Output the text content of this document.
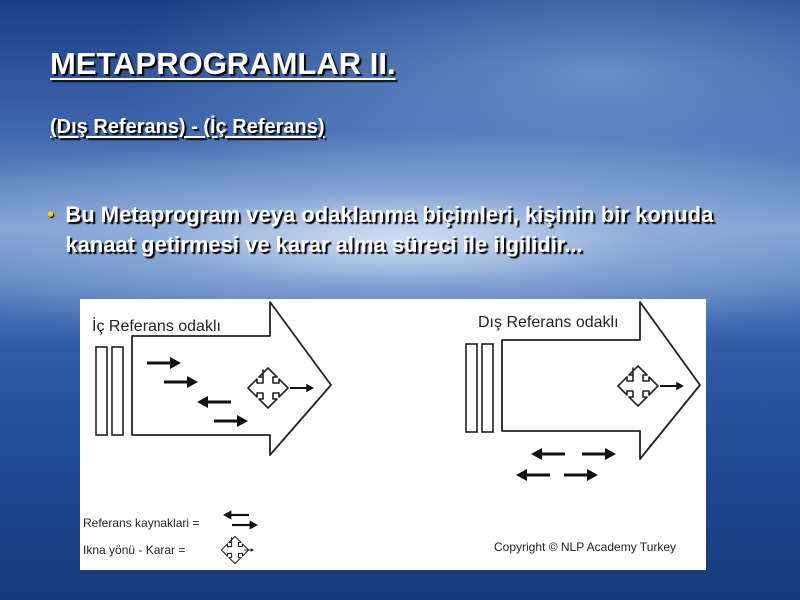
METAPROGRAMLAR II.
(Dış Referans) - (İç Referans)
• Bu Metaprogram veya odaklanma biçimleri, kişinin bir konuda kanaat getirmesi ve karar alma süreci ile ilgilidir...
İç Referans odaklı	Dış Referans odaklı
Referans kaynaklari =
Ikna yönü - Karar =	Copyright © NLP Academy Turkey
